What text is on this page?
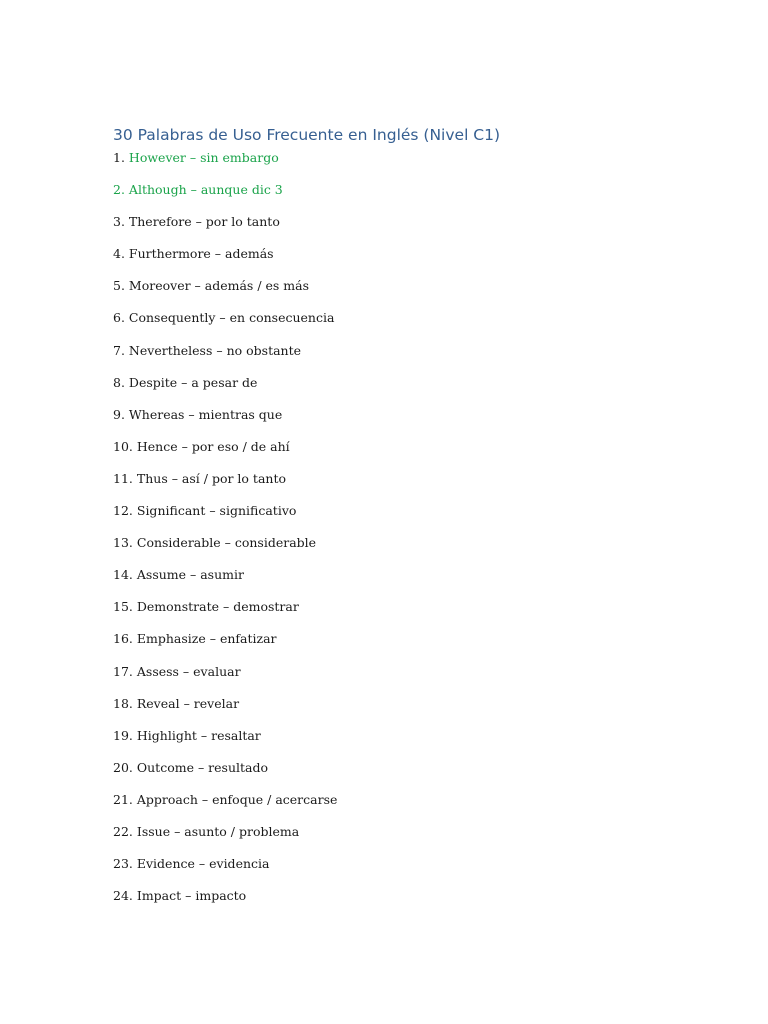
30 Palabras de Uso Frecuente en Inglés (Nivel C1)
1. However – sin embargo
2. Although – aunque dic 3
3. Therefore – por lo tanto
4. Furthermore – además
5. Moreover – además / es más
6. Consequently – en consecuencia
7. Nevertheless – no obstante
8. Despite – a pesar de
9. Whereas – mientras que
10. Hence – por eso / de ahí
11. Thus – así / por lo tanto
12. Significant – significativo
13. Considerable – considerable
14. Assume – asumir
15. Demonstrate – demostrar
16. Emphasize – enfatizar
17. Assess – evaluar
18. Reveal – revelar
19. Highlight – resaltar
20. Outcome – resultado
21. Approach – enfoque / acercarse
22. Issue – asunto / problema
23. Evidence – evidencia
24. Impact – impacto
